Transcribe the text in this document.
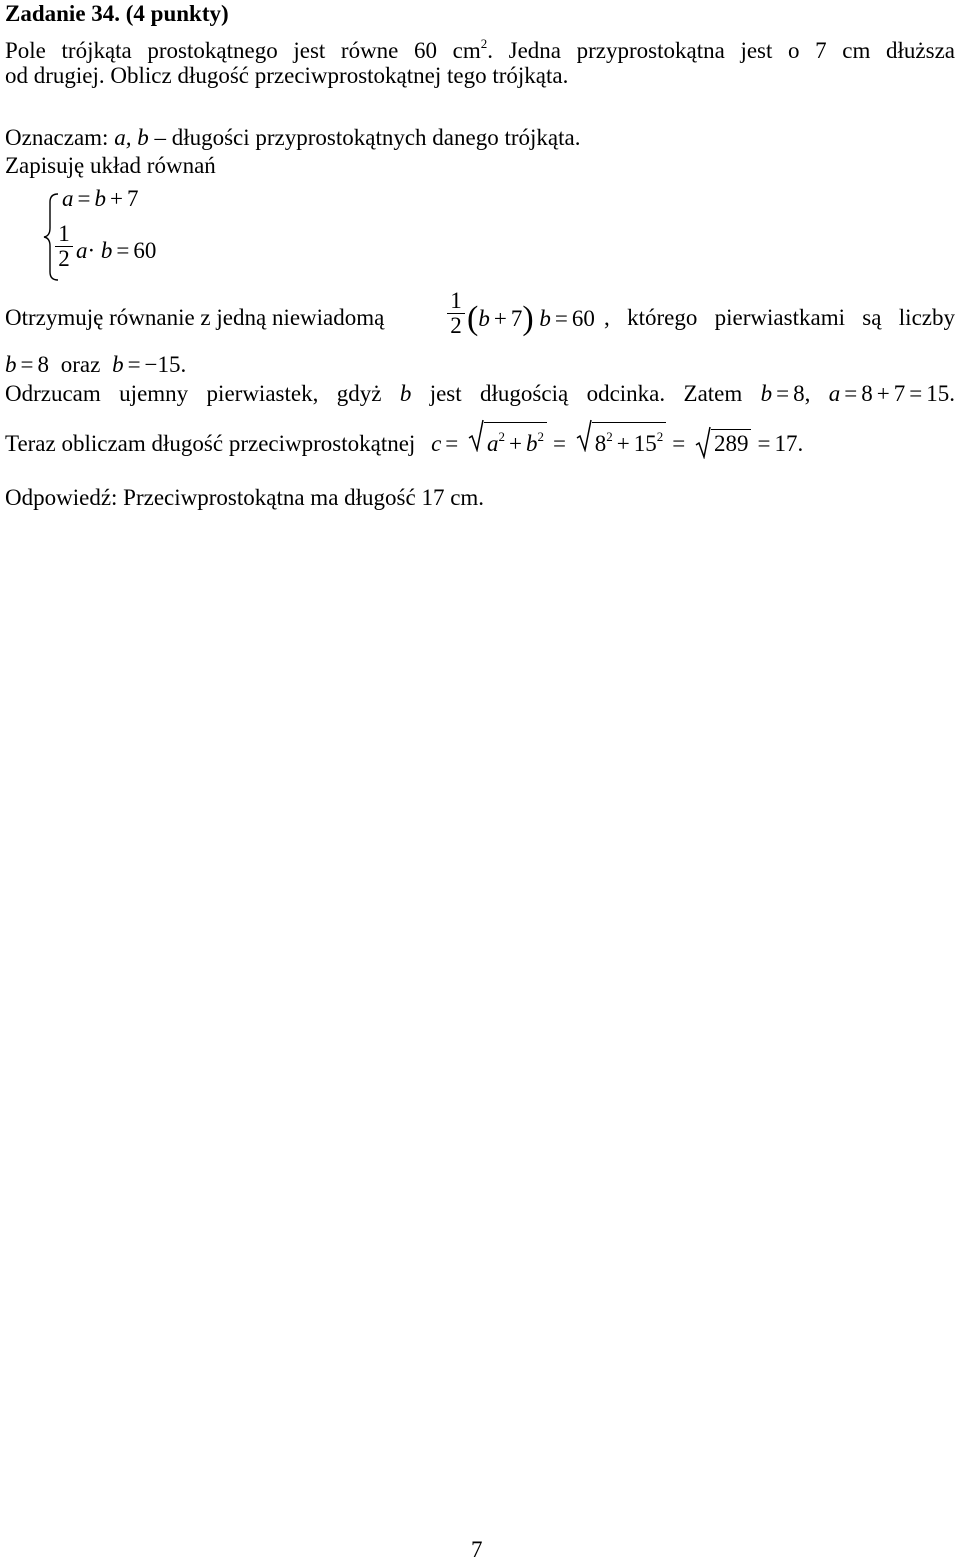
Zadanie 34. (4 punkty)
Pole trójkąta prostokątnego jest równe 60 $cm^2$. Jedna przyprostokątna jest o 7 cm dłuższa
od drugiej. Oblicz długość przeciwprostokątnej tego trójkąta.
Oznaczam: a, b – długości przyprostokątnych danego trójkąta.
Zapisuję układ równań
a = b + 7
1
2 a· b = 60
Otrzymuję równanie z jedną niewiadomą
1
2 (b + 7) b = 60 , którego pierwiastkami są liczby
b = 8 oraz b = −15.
Odrzucam ujemny pierwiastek, gdyż b jest długością odcinka. Zatem b = 8, a = 8 + 7 = 15.
Teraz obliczam długość przeciwprostokątnej $c = a^2 + b^2 = 8^2 + 15^2 = 289 = 17$.
Odpowiedź: Przeciwprostokątna ma długość 17 cm.
7
